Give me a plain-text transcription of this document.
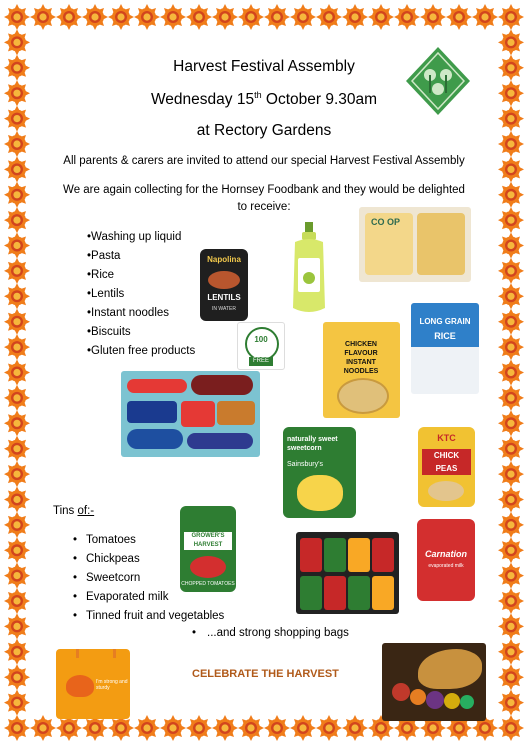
Harvest Festival Assembly
Wednesday 15th October 9.30am
at Rectory Gardens
All parents & carers are invited to attend our special Harvest Festival Assembly
We are again collecting for the Hornsey Foodbank and they would be delighted
to receive:
•Washing up liquid
•Pasta
•Rice
•Lentils
•Instant noodles
•Biscuits
•Gluten free products
Napolina
LENTILS
IN WATER
CO OP
100
FREE
CHICKEN FLAVOUR INSTANT NOODLES
LONG GRAIN
RICE
naturally sweet sweetcorn
Sainsbury's
KTC
CHICK PEAS
Tins of:-
• Tomatoes
• Chickpeas
• Sweetcorn
• Evaporated milk
• Tinned fruit and vegetables
• ...and strong shopping bags
GROWER'S HARVEST
CHOPPED TOMATOES
Carnation
evaporated milk
I'm strong and sturdy
CELEBRATE THE HARVEST
